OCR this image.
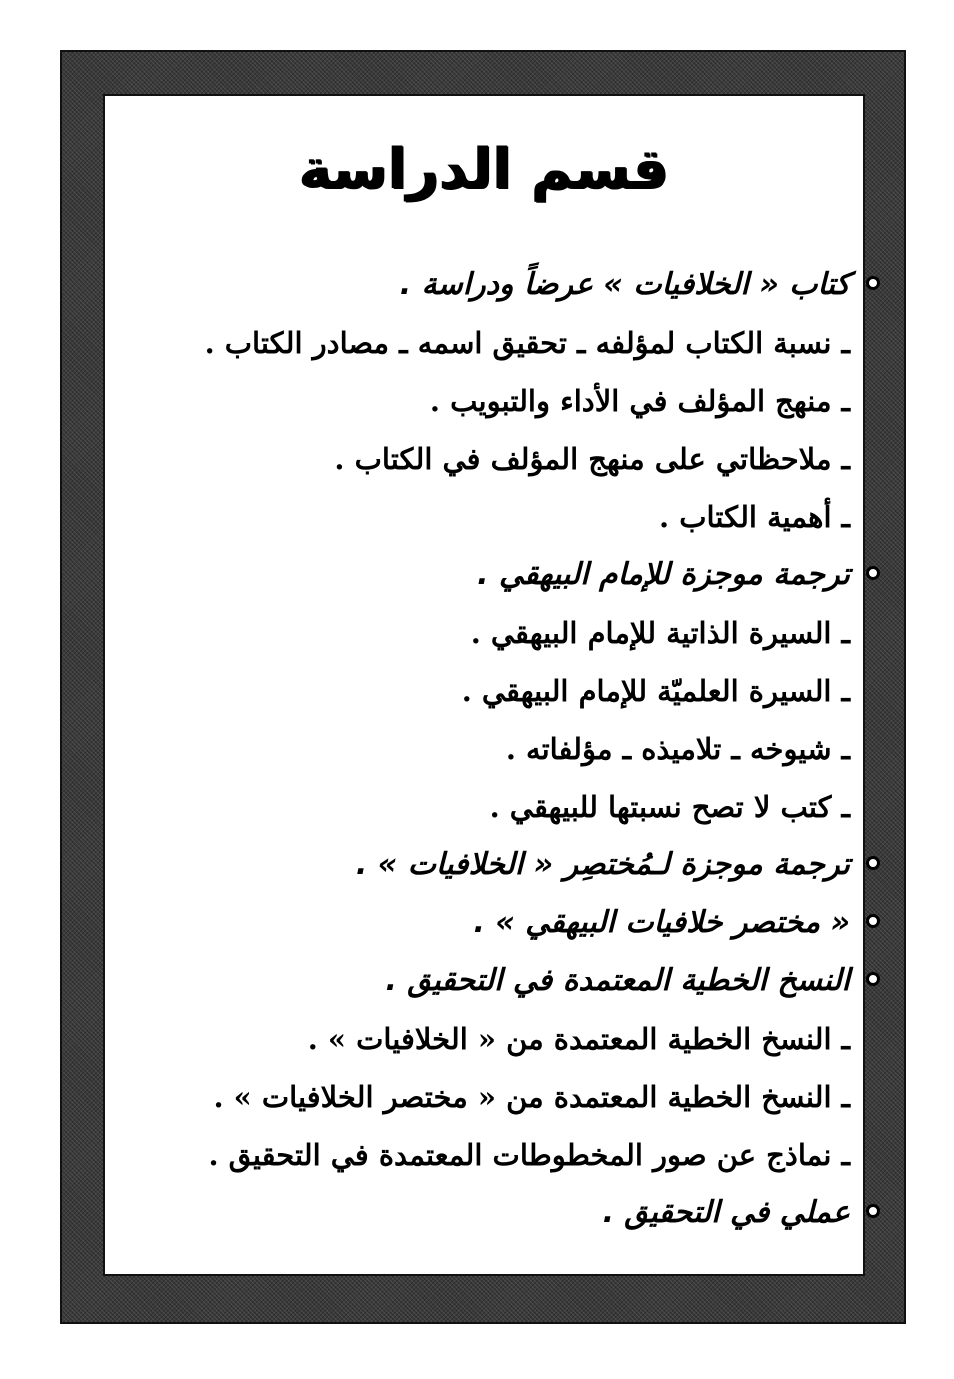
قسم الدراسة
كتاب « الخلافيات » عرضاً ودراسة .
ـنسبة الكتاب لمؤلفه ـ تحقيق اسمه ـ مصادر الكتاب .
ـمنهج المؤلف في الأداء والتبويب .
ـملاحظاتي على منهج المؤلف في الكتاب .
ـأهمية الكتاب .
ترجمة موجزة للإمام البيهقي .
ـالسيرة الذاتية للإمام البيهقي .
ـالسيرة العلميّة للإمام البيهقي .
ـشيوخه ـ تلاميذه ـ مؤلفاته .
ـكتب لا تصح نسبتها للبيهقي .
ترجمة موجزة لـمُختصِر « الخلافيات » .
« مختصر خلافيات البيهقي » .
النسخ الخطية المعتمدة في التحقيق .
ـالنسخ الخطية المعتمدة من « الخلافيات » .
ـالنسخ الخطية المعتمدة من « مختصر الخلافيات » .
ـنماذج عن صور المخطوطات المعتمدة في التحقيق .
عملي في التحقيق .
